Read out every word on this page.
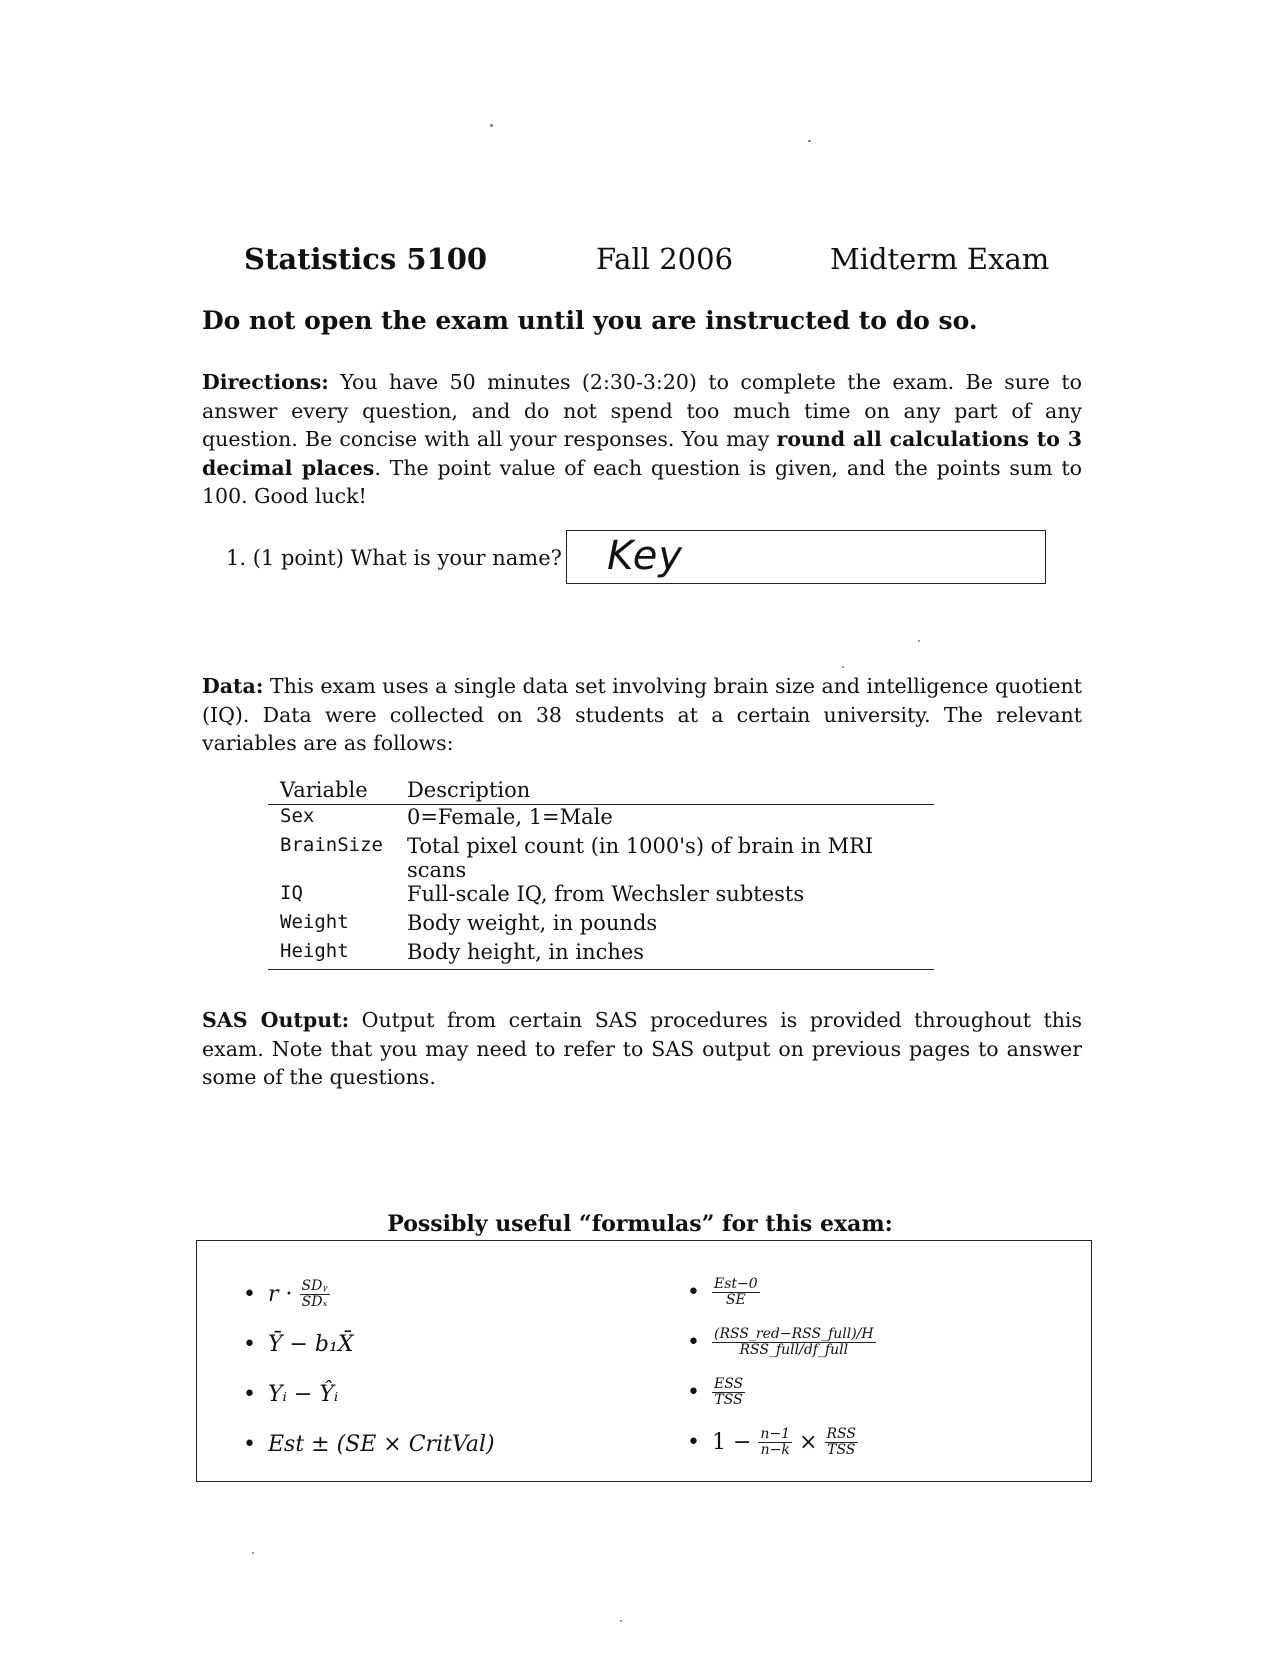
Statistics 5100	Fall 2006	Midterm Exam
Do not open the exam until you are instructed to do so.
Directions: You have 50 minutes (2:30-3:20) to complete the exam. Be sure to answer every question, and do not spend too much time on any part of any question. Be concise with all your responses. You may round all calculations to 3 decimal places. The point value of each question is given, and the points sum to 100. Good luck!
1. (1 point) What is your name? Key
Data: This exam uses a single data set involving brain size and intelligence quotient (IQ). Data were collected on 38 students at a certain university. The relevant variables are as follows:
Variable	Description
Sex	0=Female, 1=Male
BrainSize	Total pixel count (in 1000's) of brain in MRI scans
IQ	Full-scale IQ, from Wechsler subtests
Weight	Body weight, in pounds
Height	Body height, in inches
SAS Output: Output from certain SAS procedures is provided throughout this exam. Note that you may need to refer to SAS output on previous pages to answer some of the questions.
Possibly useful “formulas” for this exam:
• r ·
$\frac{\text{SDᵧ}}{\text{SDₓ}}$
• Ȳ − b₁X̄
• Yᵢ − Ŷᵢ
• Est ± (SE × CritVal)
• $\frac{\text{Est−0}}{SE}$
• $\frac{\text{(RSS\_red−RSS\_full)/H}}{\text{RSS\_full/df\_full}}$
• $\frac{\text{ESS}}{\text{TSS}}$
• 1 −
$\frac{n-1}{n-k}$
×
$\frac{\text{RSS}}{\text{TSS}}$
